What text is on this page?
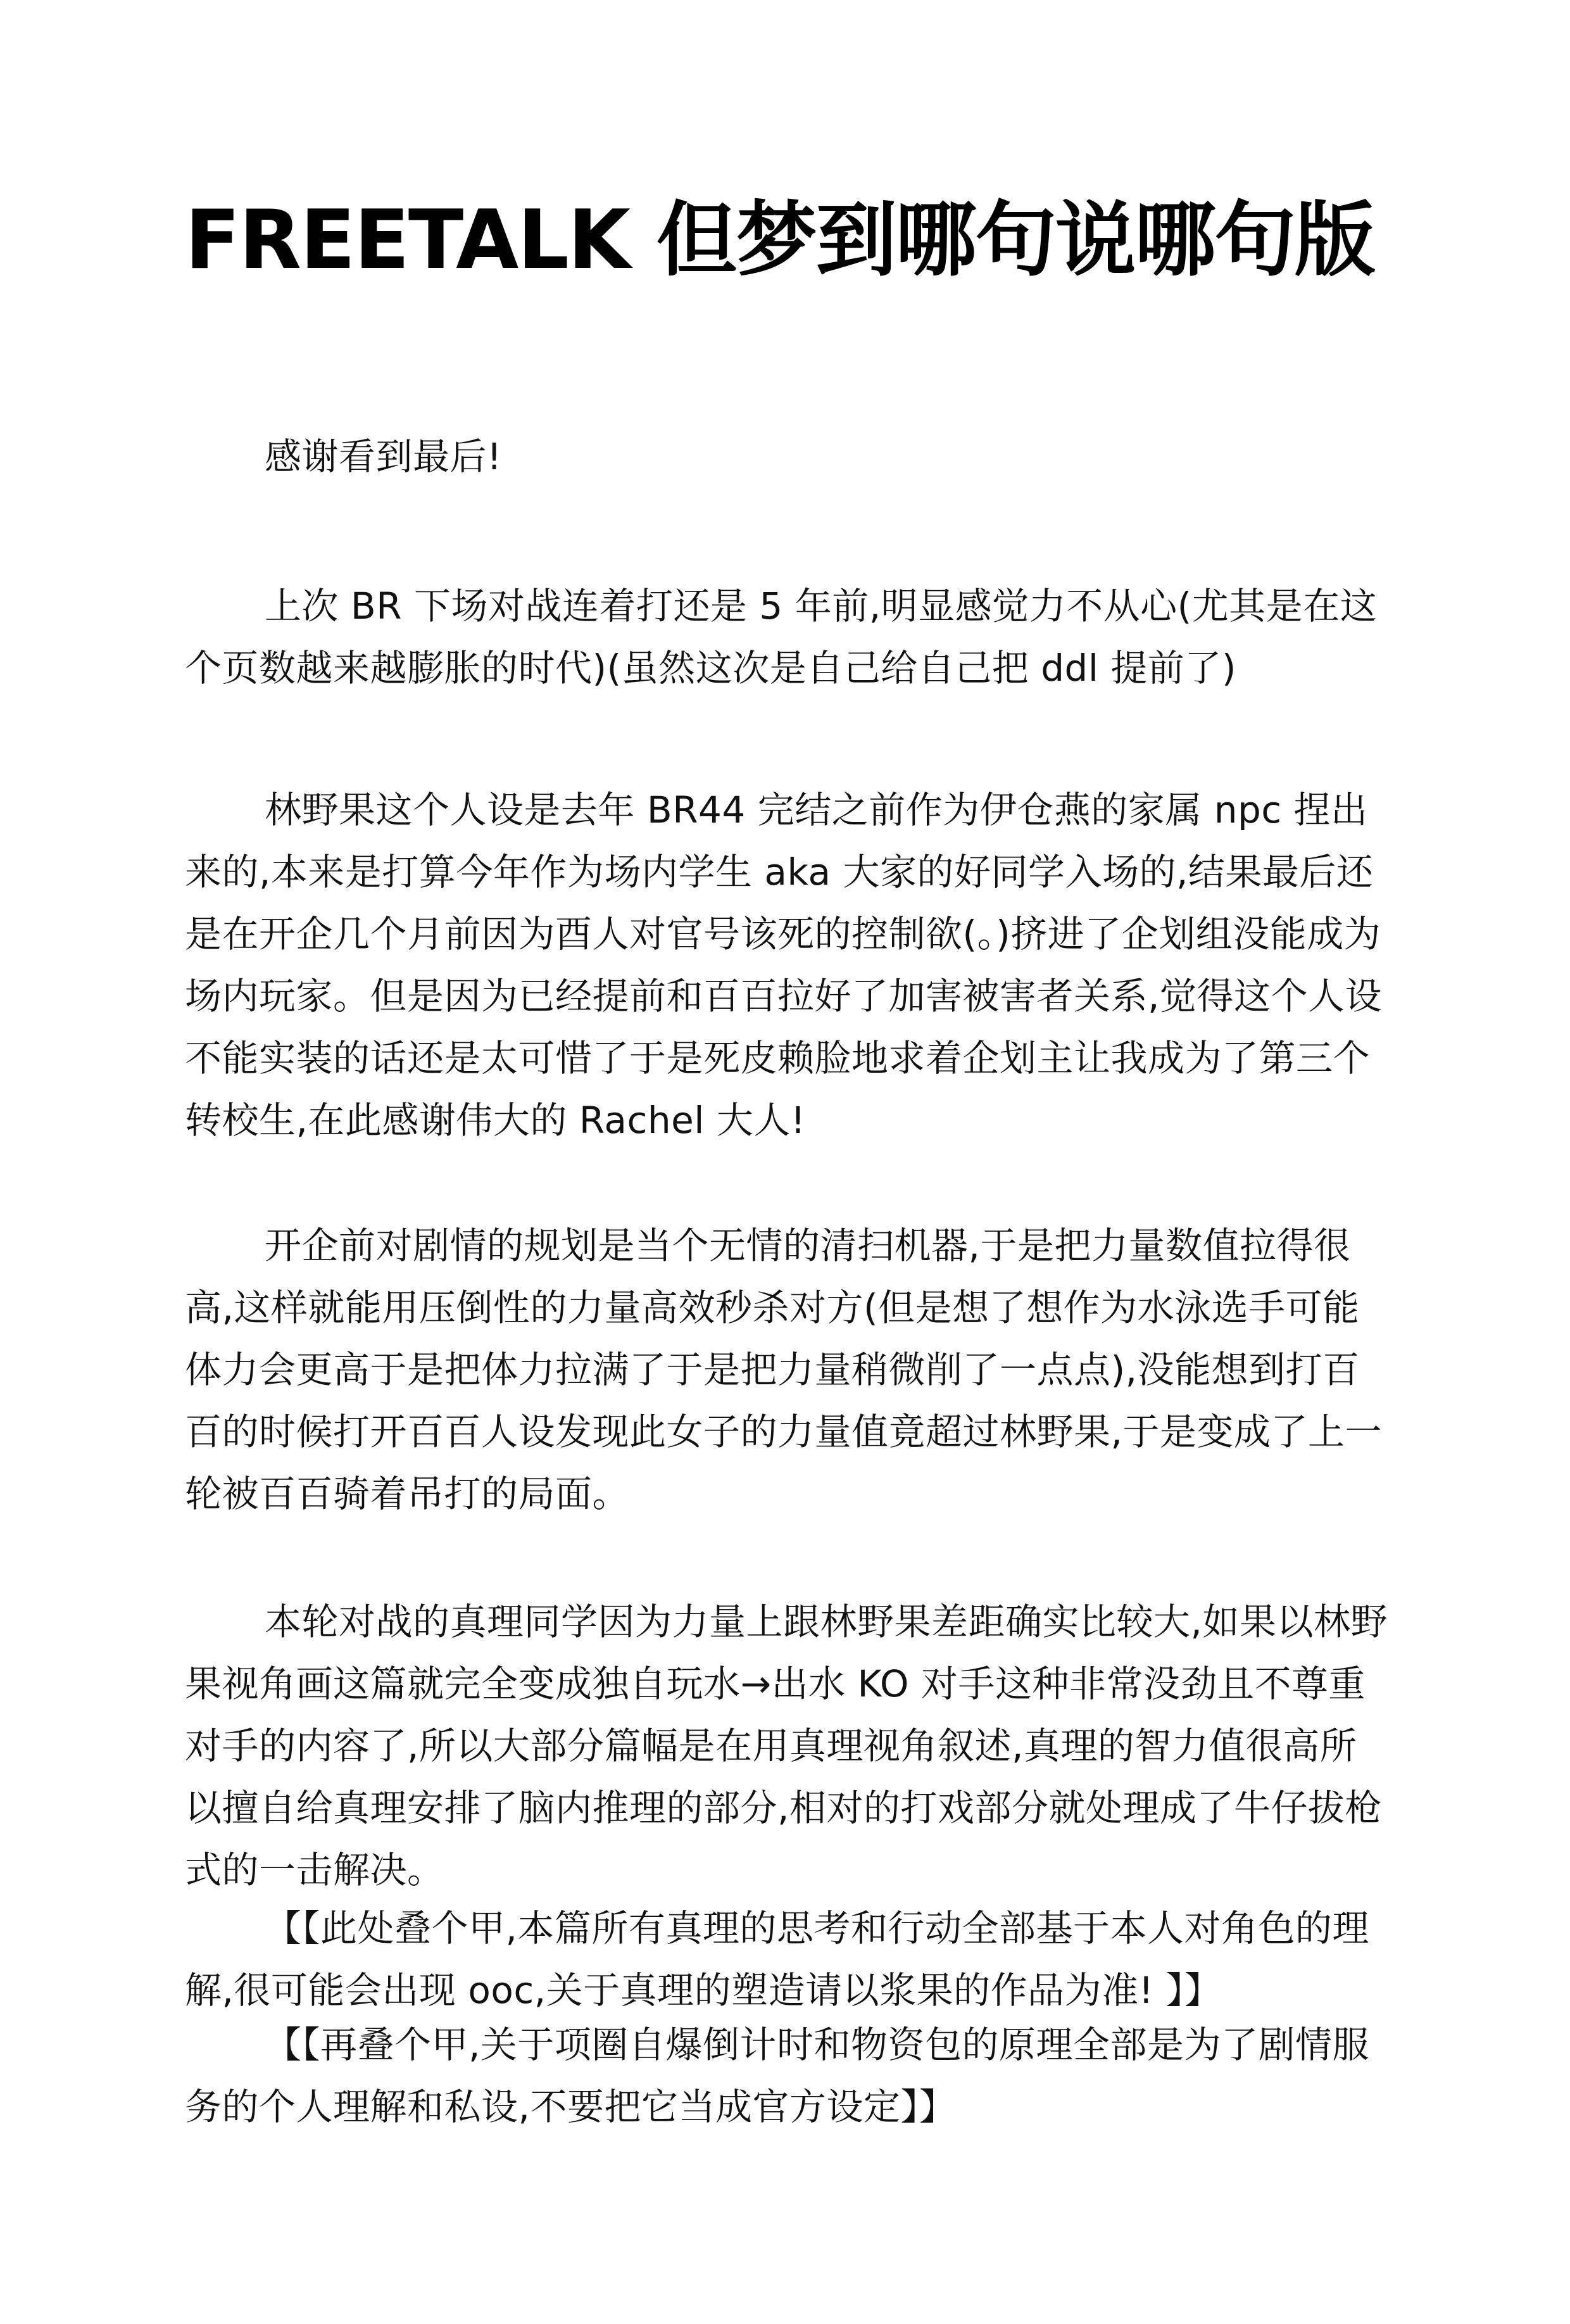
FREETALK 但梦到哪句说哪句版

感谢看到最后!

上次 BR 下场对战连着打还是 5 年前,明显感觉力不从心(尤其是在这个页数越来越膨胀的时代)(虽然这次是自己给自己把 ddl 提前了)

林野果这个人设是去年 BR44 完结之前作为伊仓燕的家属 npc 捏出来的,本来是打算今年作为场内学生 aka 大家的好同学入场的,结果最后还是在开企几个月前因为酉人对官号该死的控制欲(。)挤进了企划组没能成为场内玩家。但是因为已经提前和百百拉好了加害被害者关系,觉得这个人设不能实装的话还是太可惜了于是死皮赖脸地求着企划主让我成为了第三个转校生,在此感谢伟大的 Rachel 大人!

开企前对剧情的规划是当个无情的清扫机器,于是把力量数值拉得很高,这样就能用压倒性的力量高效秒杀对方(但是想了想作为水泳选手可能体力会更高于是把体力拉满了于是把力量稍微削了一点点),没能想到打百百的时候打开百百人设发现此女子的力量值竟超过林野果,于是变成了上一轮被百百骑着吊打的局面。

本轮对战的真理同学因为力量上跟林野果差距确实比较大,如果以林野果视角画这篇就完全变成独自玩水→出水 KO 对手这种非常没劲且不尊重对手的内容了,所以大部分篇幅是在用真理视角叙述,真理的智力值很高所以擅自给真理安排了脑内推理的部分,相对的打戏部分就处理成了牛仔拔枪式的一击解决。

【【此处叠个甲,本篇所有真理的思考和行动全部基于本人对角色的理解,很可能会出现 ooc,关于真理的塑造请以浆果的作品为准! 】】

【【再叠个甲,关于项圈自爆倒计时和物资包的原理全部是为了剧情服务的个人理解和私设,不要把它当成官方设定】】
